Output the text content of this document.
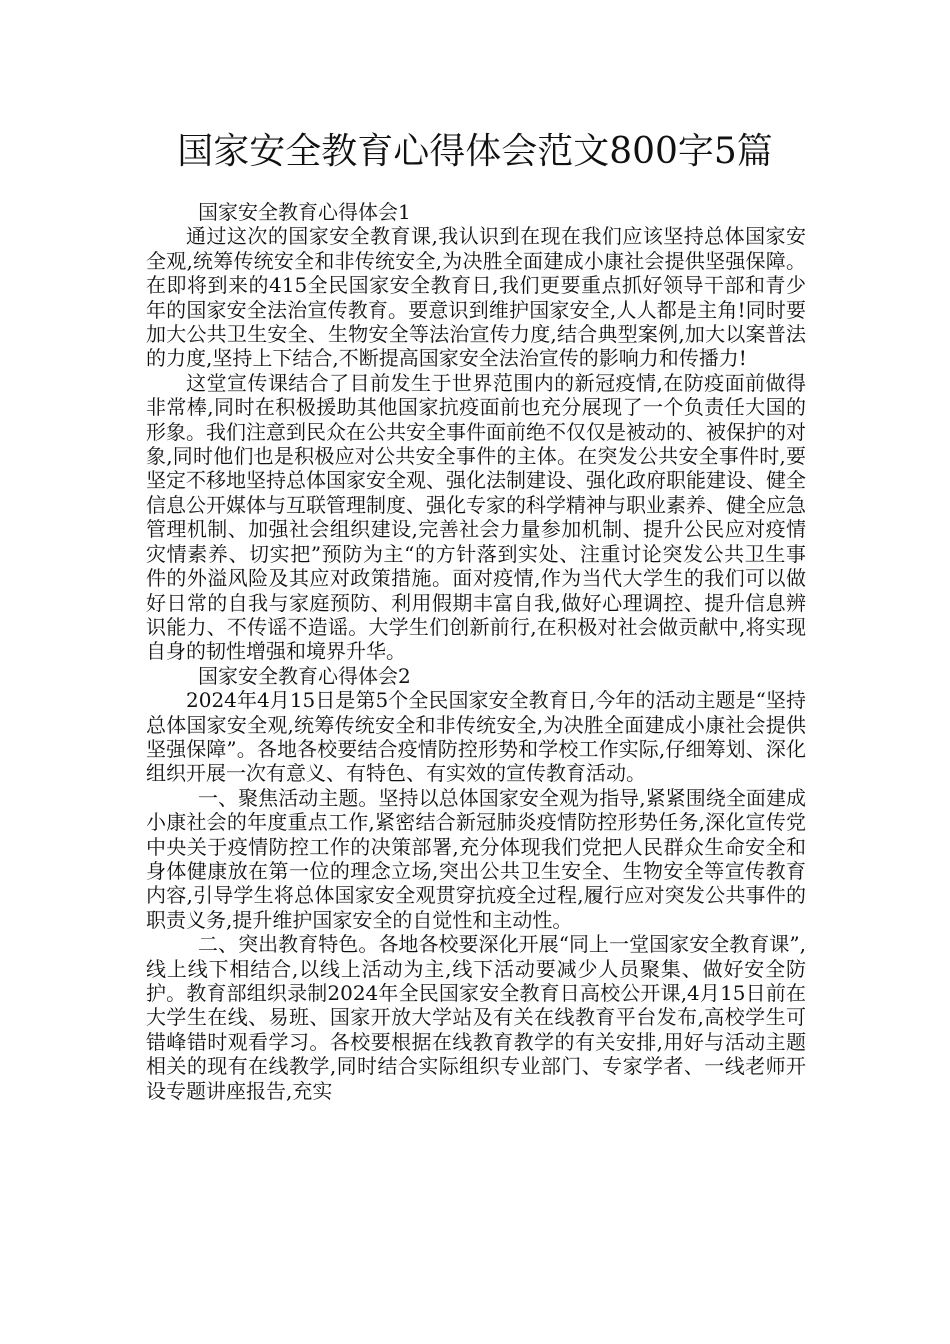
国家安全教育心得体会范文800字5篇

国家安全教育心得体会1

通过这次的国家安全教育课,我认识到在现在我们应该坚持总体国家安全观,统筹传统安全和非传统安全,为决胜全面建成小康社会提供坚强保障。在即将到来的415全民国家安全教育日,我们更要重点抓好领导干部和青少年的国家安全法治宣传教育。要意识到维护国家安全,人人都是主角!同时要加大公共卫生安全、生物安全等法治宣传力度,结合典型案例,加大以案普法的力度,坚持上下结合,不断提高国家安全法治宣传的影响力和传播力!

这堂宣传课结合了目前发生于世界范围内的新冠疫情,在防疫面前做得非常棒,同时在积极援助其他国家抗疫面前也充分展现了一个负责任大国的形象。我们注意到民众在公共安全事件面前绝不仅仅是被动的、被保护的对象,同时他们也是积极应对公共安全事件的主体。在突发公共安全事件时,要坚定不移地坚持总体国家安全观、强化法制建设、强化政府职能建设、健全信息公开媒体与互联管理制度、强化专家的科学精神与职业素养、健全应急管理机制、加强社会组织建设,完善社会力量参加机制、提升公民应对疫情灾情素养、切实把”预防为主“的方针落到实处、注重讨论突发公共卫生事件的外溢风险及其应对政策措施。面对疫情,作为当代大学生的我们可以做好日常的自我与家庭预防、利用假期丰富自我,做好心理调控、提升信息辨识能力、不传谣不造谣。大学生们创新前行,在积极对社会做贡献中,将实现自身的韧性增强和境界升华。

国家安全教育心得体会2

2024年4月15日是第5个全民国家安全教育日,今年的活动主题是“坚持总体国家安全观,统筹传统安全和非传统安全,为决胜全面建成小康社会提供坚强保障”。各地各校要结合疫情防控形势和学校工作实际,仔细筹划、深化组织开展一次有意义、有特色、有实效的宣传教育活动。

一、聚焦活动主题。坚持以总体国家安全观为指导,紧紧围绕全面建成小康社会的年度重点工作,紧密结合新冠肺炎疫情防控形势任务,深化宣传党中央关于疫情防控工作的决策部署,充分体现我们党把人民群众生命安全和身体健康放在第一位的理念立场,突出公共卫生安全、生物安全等宣传教育内容,引导学生将总体国家安全观贯穿抗疫全过程,履行应对突发公共事件的职责义务,提升维护国家安全的自觉性和主动性。

二、突出教育特色。各地各校要深化开展“同上一堂国家安全教育课”,线上线下相结合,以线上活动为主,线下活动要减少人员聚集、做好安全防护。教育部组织录制2024年全民国家安全教育日高校公开课,4月15日前在大学生在线、易班、国家开放大学站及有关在线教育平台发布,高校学生可错峰错时观看学习。各校要根据在线教育教学的有关安排,用好与活动主题相关的现有在线教学,同时结合实际组织专业部门、专家学者、一线老师开设专题讲座报告,充实
